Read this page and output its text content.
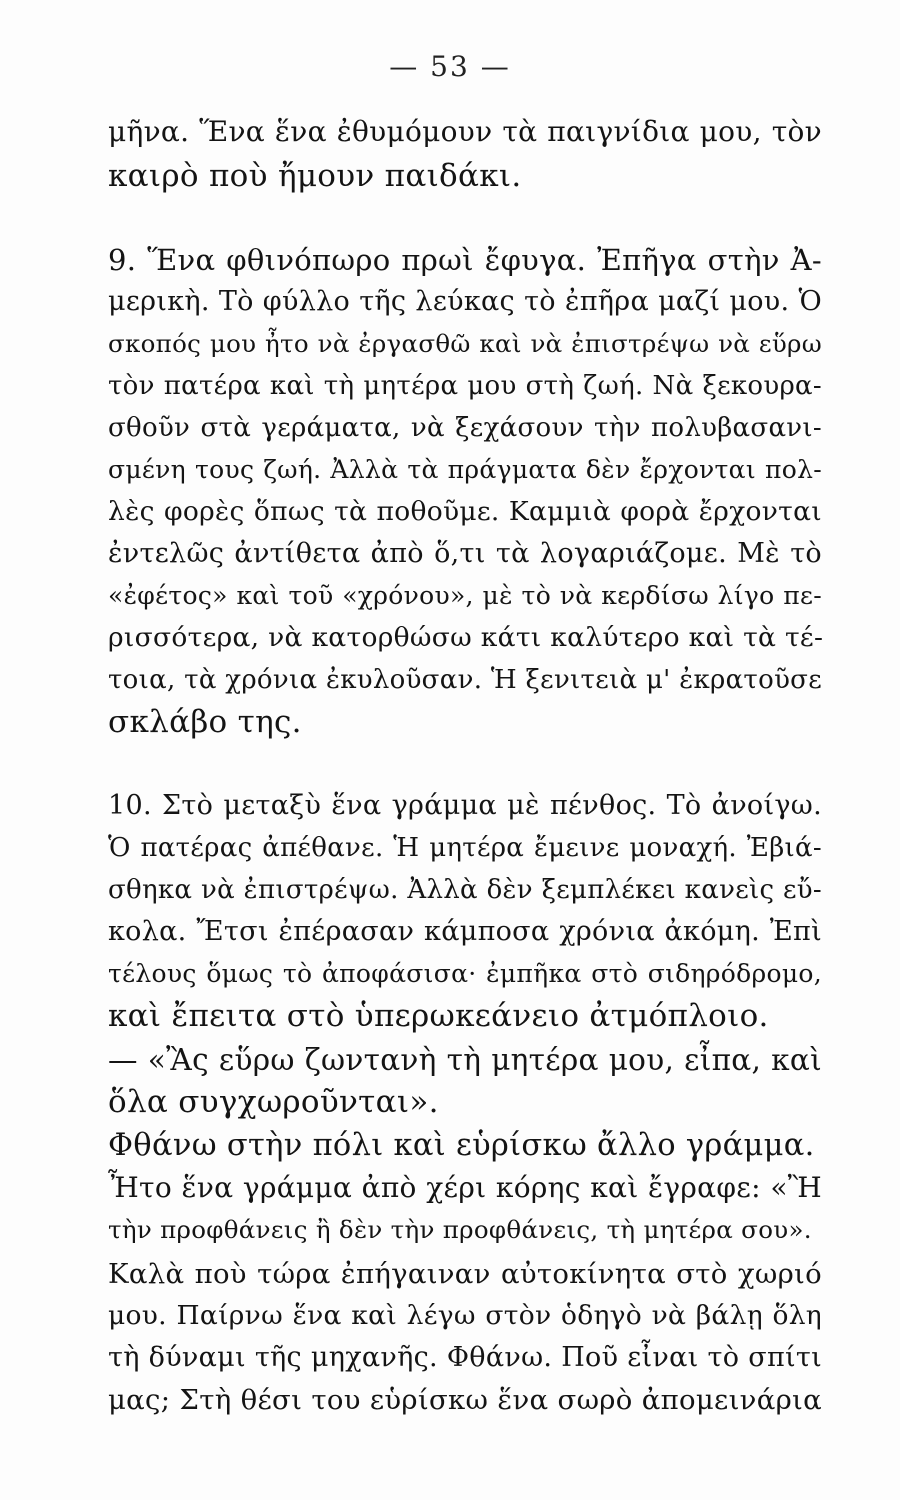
— 53 —
μῆνα. Ἕνα ἕνα ἐθυμόμουν τὰ παιγνίδια μου, τὸν
καιρὸ ποὺ ἤμουν παιδάκι.
9. Ἕνα φθινόπωρο πρωὶ ἔφυγα. Ἐπῆγα στὴν Ἀ-
μερικὴ. Τὸ φύλλο τῆς λεύκας τὸ ἐπῆρα μαζί μου. Ὁ
σκοπός μου ἦτο νὰ ἐργασθῶ καὶ νὰ ἐπιστρέψω νὰ εὕρω
τὸν πατέρα καὶ τὴ μητέρα μου στὴ ζωή. Νὰ ξεκουρα-
σθοῦν στὰ γεράματα, νὰ ξεχάσουν τὴν πολυβασανι-
σμένη τους ζωή. Ἀλλὰ τὰ πράγματα δὲν ἔρχονται πολ-
λὲς φορὲς ὅπως τὰ ποθοῦμε. Καμμιὰ φορὰ ἔρχονται
ἐντελῶς ἀντίθετα ἀπὸ ὅ,τι τὰ λογαριάζομε. Μὲ τὸ
«ἐφέτος» καὶ τοῦ «χρόνου», μὲ τὸ νὰ κερδίσω λίγο πε-
ρισσότερα, νὰ κατορθώσω κάτι καλύτερο καὶ τὰ τέ-
τοια, τὰ χρόνια ἐκυλοῦσαν. Ἡ ξενιτειὰ μ' ἐκρατοῦσε
σκλάβο της.
10. Στὸ μεταξὺ ἕνα γράμμα μὲ πένθος. Τὸ ἀνοίγω.
Ὁ πατέρας ἀπέθανε. Ἡ μητέρα ἔμεινε μοναχή. Ἐβιά-
σθηκα νὰ ἐπιστρέψω. Ἀλλὰ δὲν ξεμπλέκει κανεὶς εὔ-
κολα. Ἔτσι ἐπέρασαν κάμποσα χρόνια ἀκόμη. Ἐπὶ
τέλους ὅμως τὸ ἀποφάσισα· ἐμπῆκα στὸ σιδηρόδρομο,
καὶ ἔπειτα στὸ ὑπερωκεάνειο ἀτμόπλοιο.
— «Ἂς εὕρω ζωντανὴ τὴ μητέρα μου, εἶπα, καὶ
ὅλα συγχωροῦνται».
Φθάνω στὴν πόλι καὶ εὑρίσκω ἄλλο γράμμα.
Ἦτο ἕνα γράμμα ἀπὸ χέρι κόρης καὶ ἔγραφε: «Ἢ
τὴν προφθάνεις ἢ δὲν τὴν προφθάνεις, τὴ μητέρα σου».
Καλὰ ποὺ τώρα ἐπήγαιναν αὐτοκίνητα στὸ χωριό
μου. Παίρνω ἕνα καὶ λέγω στὸν ὁδηγὸ νὰ βάλῃ ὅλη
τὴ δύναμι τῆς μηχανῆς. Φθάνω. Ποῦ εἶναι τὸ σπίτι
μας; Στὴ θέσι του εὑρίσκω ἕνα σωρὸ ἀπομεινάρια
